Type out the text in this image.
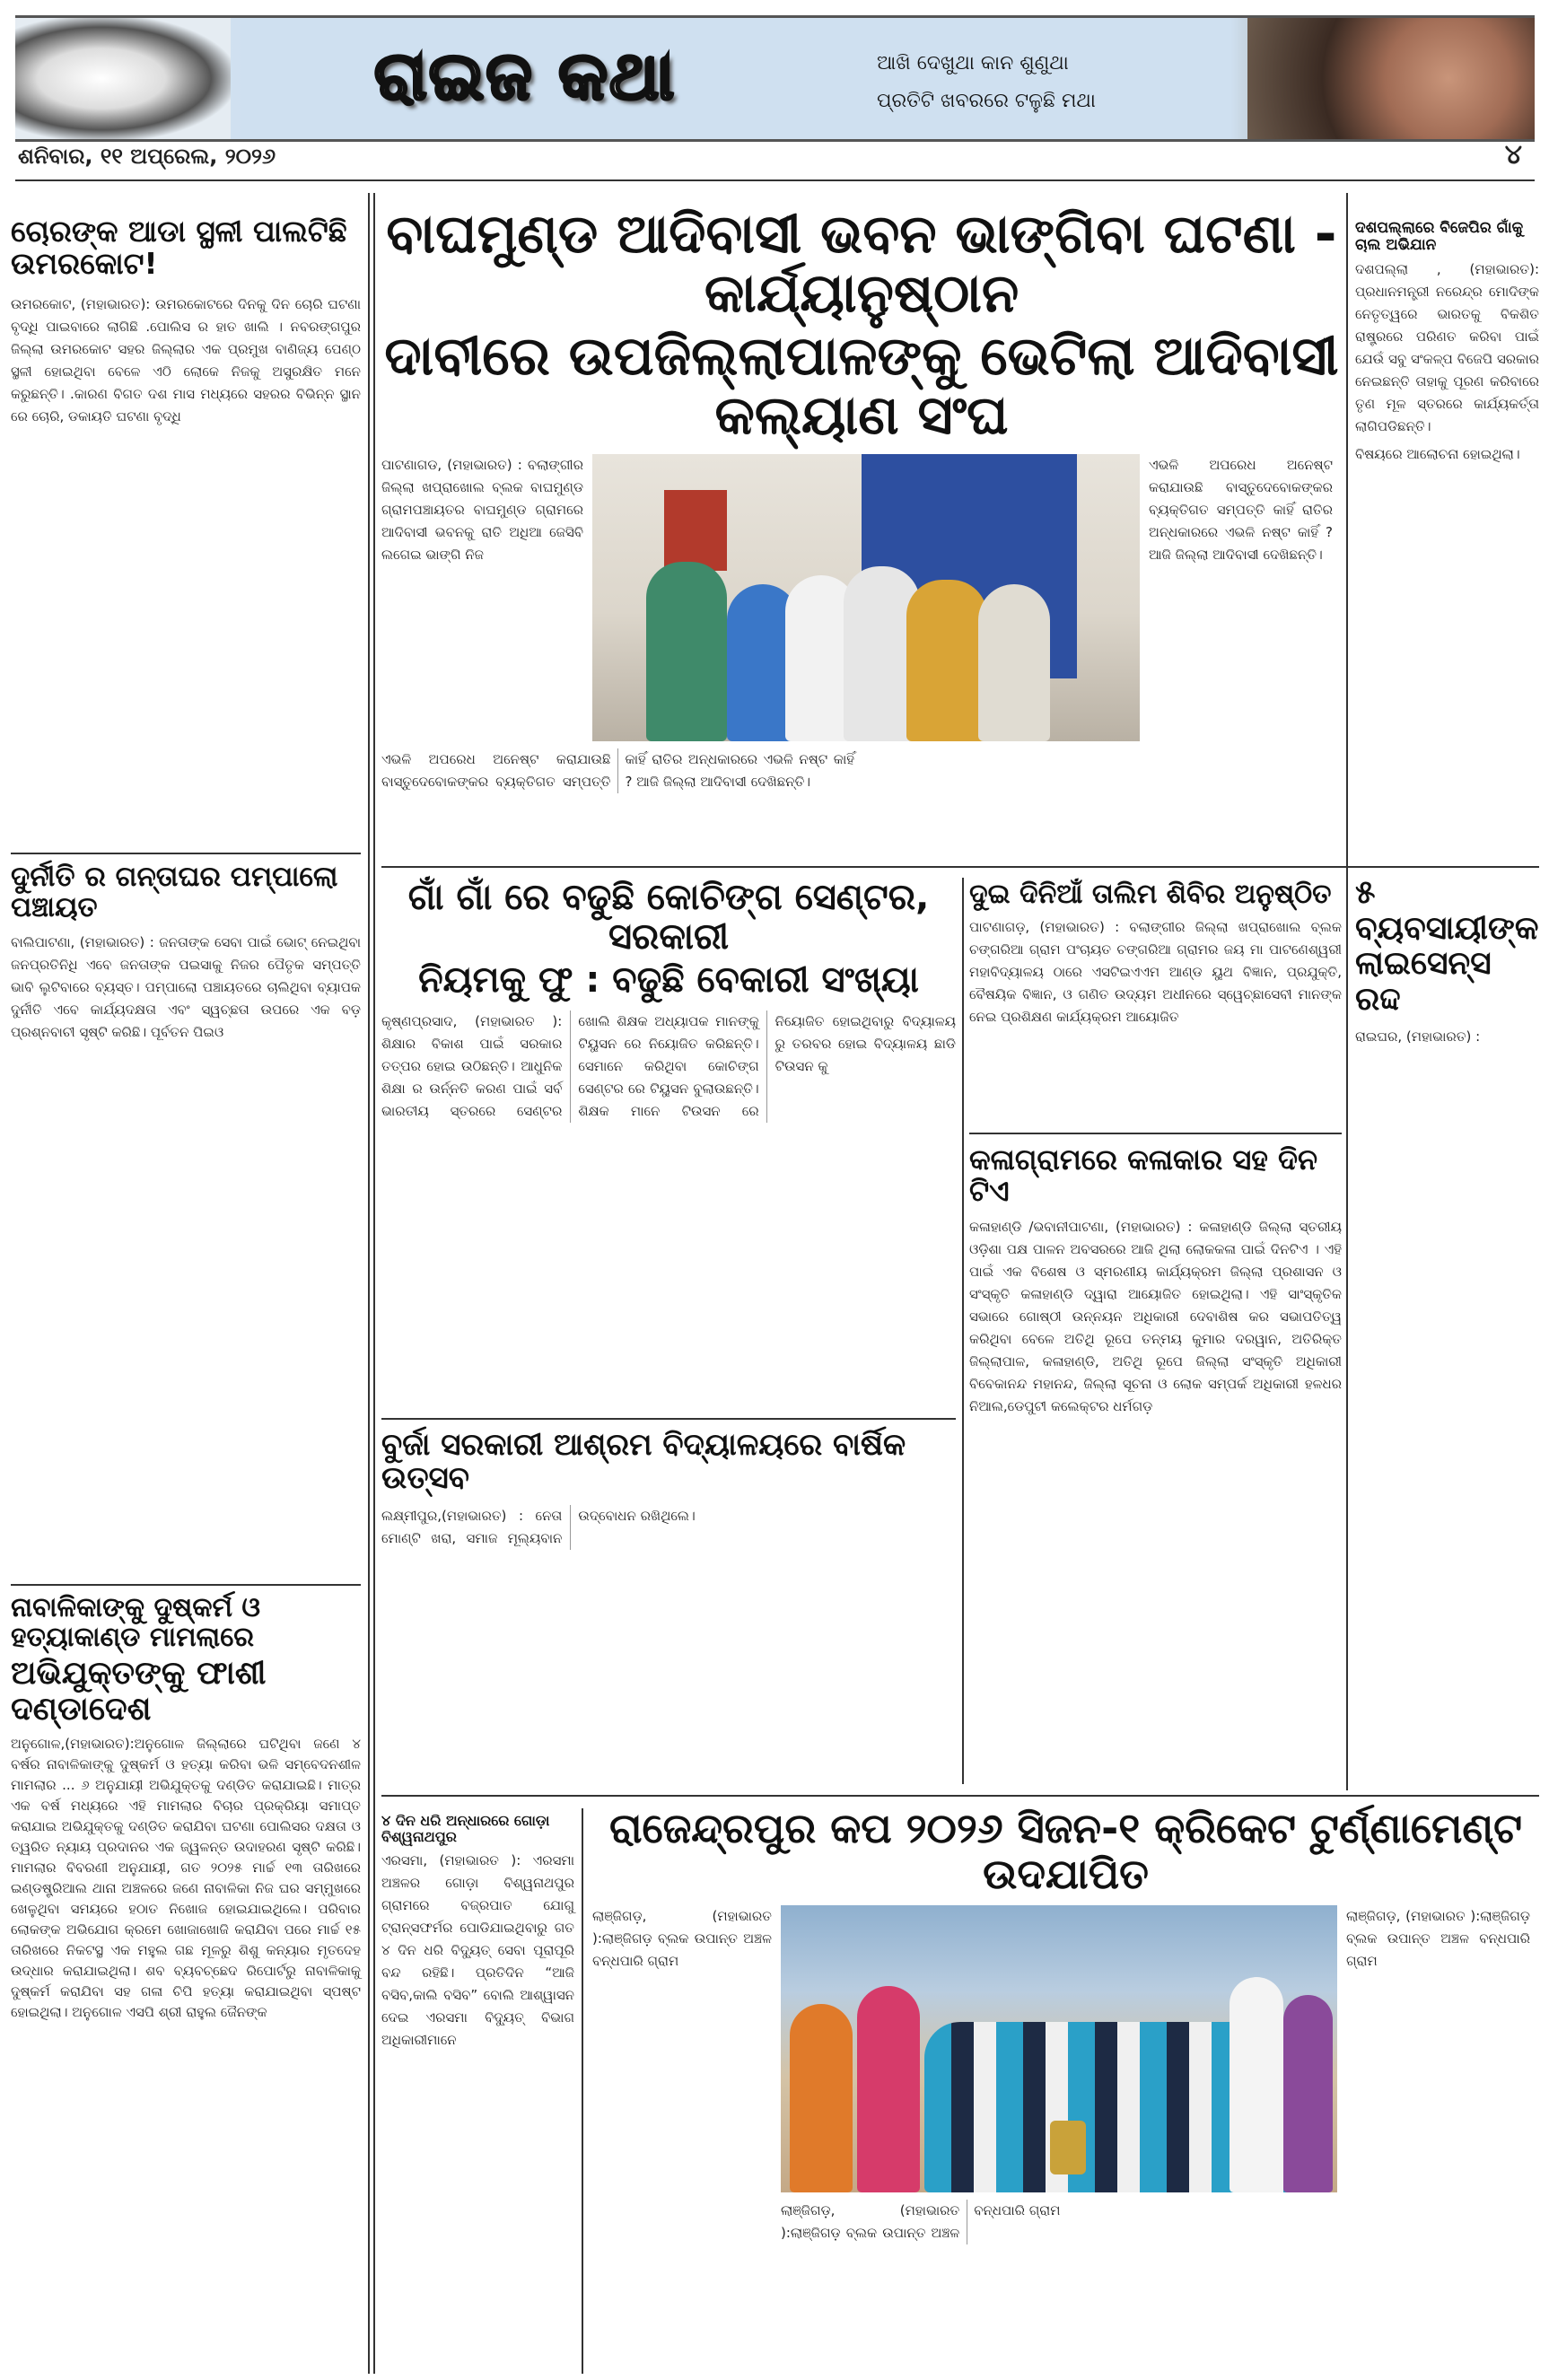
ରାଇଜ କଥା	ଆଖି ଦେଖୁଥା କାନ ଶୁଣୁଥା
ପ୍ରତିଟି ଖବରରେ ଟଳୁଛି ମଥା
ଶନିବାର, ୧୧ ଅପ୍ରେଲ, ୨୦୨୬	୪
ଚୋରଙ୍କ ଆଡା ସ୍ଥଳୀ ପାଲଟିଛି ଉମରକୋଟ!
ଉମରକୋଟ, (ମହାଭାରତ): ଉମରକୋଟରେ ଦିନକୁ ଦିନ ଚୋରି ଘଟଣା ବୃଦ୍ଧି ପାଇବାରେ ଲାଗିଛି .ପୋଲିସ ର ହାତ ଖାଲି । ନବରଙ୍ଗପୁର ଜିଲ୍ଲା ଉମରକୋଟ ସହର ଜିଲ୍ଲାର ଏକ ପ୍ରମୁଖ ବାଣିଜ୍ୟ ପେଣ୍ଠ ସ୍ଥଳୀ ହୋଇଥିବା ବେଳେ ଏଠି ଲୋକେ ନିଜକୁ ଅସୁରକ୍ଷିତ ମନେ କରୁଛନ୍ତି। .କାରଣ ବିଗତ ଦଶ ମାସ ମଧ୍ୟରେ ସହରର ବିଭିନ୍ନ ସ୍ଥାନ ରେ ଚୋରି, ଡକାୟତି ଘଟଣା ବୃଦ୍ଧି
ଦୁର୍ନୀତି ର ଗନ୍ତାଘର ପମ୍ପାଲୋ ପଞ୍ଚାୟତ
ବାଲିପାଟଣା, (ମହାଭାରତ) : ଜନତାଙ୍କ ସେବା ପାଇଁ ଭୋଟ୍ ନେଇଥିବା ଜନପ୍ରତିନିଧି ଏବେ ଜନତାଙ୍କ ପଇସାକୁ ନିଜର ପୈତୃକ ସମ୍ପତ୍ତି ଭାବି ଲୁଟିବାରେ ବ୍ୟସ୍ତ। ପମ୍ପାଲୋ ପଞ୍ଚାୟତରେ ଚାଲିଥିବା ବ୍ୟାପକ ଦୁର୍ନୀତି ଏବେ କାର୍ଯ୍ୟଦକ୍ଷତା ଏବଂ ସ୍ୱଚ୍ଛତା ଉପରେ ଏକ ବଡ଼ ପ୍ରଶ୍ନବାଚୀ ସୃଷ୍ଟି କରିଛି। ପୂର୍ବତନ ପିଇଓ
ନାବାଳିକାଙ୍କୁ ଦୁଷ୍କର୍ମ ଓ ହତ୍ୟାକାଣ୍ଡ ମାମଲାରେ
ଅଭିଯୁକ୍ତଙ୍କୁ ଫାଶୀ ଦଣ୍ଡାଦେଶ
ଅନୁଗୋଳ,(ମହାଭାରତ):ଅନୁଗୋଳ ଜିଲ୍ଲାରେ ଘଟିଥିବା ଜଣେ ୪ ବର୍ଷର ନାବାଳିକାଙ୍କୁ ଦୁଷ୍କର୍ମ ଓ ହତ୍ୟା କରିବା ଭଳି ସମ୍ବେଦନଶୀଳ ମାମଲାର ... ୬ ଅନୁଯାୟୀ ଅଭିଯୁକ୍ତକୁ ଦଣ୍ଡିତ କରାଯାଇଛି। ମାତ୍ର ଏକ ବର୍ଷ ମଧ୍ୟରେ ଏହି ମାମଲାର ବିଚାର ପ୍ରକ୍ରିୟା ସମାପ୍ତ କରାଯାଇ ଅଭିଯୁକ୍ତକୁ ଦଣ୍ଡିତ କରାଯିବା ଘଟଣା ପୋଲିସର ଦକ୍ଷତା ଓ ତ୍ୱରିତ ନ୍ୟାୟ ପ୍ରଦାନର ଏକ ଜ୍ୱଳନ୍ତ ଉଦାହରଣ ସୃଷ୍ଟି କରିଛି।ମାମଲାର ବିବରଣୀ ଅନୁଯାୟୀ, ଗତ ୨୦୨୫ ମାର୍ଚ୍ଚ ୧୩ ତାରିଖରେ ଇଣ୍ଡଷ୍ଟ୍ରିଆଲ ଥାନା ଅଞ୍ଚଳରେ ଜଣେ ନାବାଳିକା ନିଜ ଘର ସମ୍ମୁଖରେ ଖେଳୁଥିବା ସମୟରେ ହଠାତ ନିଖୋଜ ହୋଇଯାଇଥିଲେ। ପରିବାର ଲୋକଙ୍କ ଅଭିଯୋଗ କ୍ରମେ ଖୋଜାଖୋଜି କରାଯିବା ପରେ ମାର୍ଚ୍ଚ ୧୫ ତାରିଖରେ ନିକଟସ୍ଥ ଏକ ମହୁଲ ଗଛ ମୂଳରୁ ଶିଶୁ କନ୍ୟାର ମୃତଦେହ ଉଦ୍ଧାର କରାଯାଇଥିଲା। ଶବ ବ୍ୟବଚ୍ଛେଦ ରିପୋର୍ଟରୁ ନାବାଳିକାକୁ ଦୁଷ୍କର୍ମ କରାଯିବା ସହ ଗଳା ଚିପି ହତ୍ୟା କରାଯାଇଥିବା ସ୍ପଷ୍ଟ ହୋଇଥିଲା। ଅନୁଗୋଳ ଏସପି ଶ୍ରୀ ରାହୁଲ ଜୈନଙ୍କ
ବାଘମୁଣ୍ଡ ଆଦିବାସୀ ଭବନ ଭାଙ୍ଗିବା ଘଟଣା - କାର୍ଯ୍ୟାନୁଷ୍ଠାନ
ଦାବୀରେ ଉପଜିଲ୍ଲାପାଳଙ୍କୁ ଭେଟିଲା ଆଦିବାସୀ କଲ୍ୟାଣ ସଂଘ
ପାଟଣାଗଡ, (ମହାଭାରତ) : ବଲାଙ୍ଗୀର ଜିଲ୍ଲା ଖପ୍ରାଖୋଲ ବ୍ଲକ ବାଘମୁଣ୍ଡ ଗ୍ରାମପଞ୍ଚାୟତର ବାଘମୁଣ୍ଡ ଗ୍ରାମରେ ଆଦିବାସୀ ଭବନକୁ ରାତି ଅଧିଆ ଜେସିବି ଲଗେଇ ଭାଙ୍ଗି ନିଜ
ଏଭଳି ଅପରେଧ ଅନେଷ୍ଟ କରାଯାଉଛି ବାସ୍ତୁଦେବୋକଙ୍କର ବ୍ୟକ୍ତିଗତ ସମ୍ପତ୍ତି କାହିଁ ରାତିର ଅନ୍ଧକାରରେ ଏଭଳି ନଷ୍ଟ କାହିଁ ? ଆଜି ଜିଲ୍ଲା ଆଦିବାସୀ ଦେଖିଛନ୍ତି।
ଏଭଳି ଅପରେଧ ଅନେଷ୍ଟ କରାଯାଉଛି ବାସ୍ତୁଦେବୋକଙ୍କର ବ୍ୟକ୍ତିଗତ ସମ୍ପତ୍ତି କାହିଁ ରାତିର ଅନ୍ଧକାରରେ ଏଭଳି ନଷ୍ଟ କାହିଁ ? ଆଜି ଜିଲ୍ଲା ଆଦିବାସୀ ଦେଖିଛନ୍ତି।
ଦଶପଲ୍ଲାରେ ବିଜେପିର ଗାଁକୁ ଚାଲ ଅଭିଯାନ
ଦଶପଲ୍ଲା , (ମହାଭାରତ): ପ୍ରଧାନମନ୍ତ୍ରୀ ନରେନ୍ଦ୍ର ମୋଦିଙ୍କ ନେତୃତ୍ୱରେ ଭାରତକୁ ବିକଶିତ ରାଷ୍ଟ୍ରରେ ପରିଣତ କରିବା ପାଇଁ ଯେଉଁ ସବୁ ସଂକଳ୍ପ ବିଜେପି ସରକାର ନେଇଛନ୍ତି ତାହାକୁ ପୂରଣ କରିବାରେ ତୃଣ ମୂଳ ସ୍ତରରେ କାର୍ଯ୍ୟକର୍ତ୍ତା ଲାଗିପଡିଛନ୍ତି।
ବିଷୟରେ ଆଲୋଚନା ହୋଇଥିଲା।
ଗାଁ ଗାଁ ରେ ବଢୁଛି କୋଚିଙ୍ଗ ସେଣ୍ଟର, ସରକାରୀ
ନିୟମକୁ ଫୁ : ବଢୁଛି ବେକାରୀ ସଂଖ୍ୟା
କୃଷ୍ଣପ୍ରସାଦ, (ମହାଭାରତ ): ଶିକ୍ଷାର ବିକାଶ ପାଇଁ ସରକାର ତତ୍ପର ହୋଇ ଉଠିଛନ୍ତି। ଆଧୁନିକ ଶିକ୍ଷା ର ଉର୍ନ୍ନତି କରଣ ପାଇଁ ସର୍ବ ଭାରତୀୟ ସ୍ତରରେ ସେଣ୍ଟର ଖୋଲି ଶିକ୍ଷକ ଅଧ୍ୟାପକ ମାନଙ୍କୁ ଟିୟୁସନ ରେ ନିୟୋଜିତ କରିଛନ୍ତି। ସେମାନେ କରିଥିବା କୋଚିଙ୍ଗ ସେଣ୍ଟର ରେ ଟିୟୁସନ ବୁଲାଉଛନ୍ତି। ଶିକ୍ଷକ ମାନେ ଟିଉସନ ରେ ନିୟୋଜିତ ହୋଇଥିବାରୁ ବିଦ୍ୟାଳୟ ରୁ ତରବର ହୋଇ ବିଦ୍ୟାଳୟ ଛାଡି ଟିଉସନ କୁ
ଦୁଇ ଦିନିଆଁ ତାଲିମ ଶିବିର ଅନୁଷ୍ଠିତ
ପାଟଣାଗଡ଼, (ମହାଭାରତ) : ବଲାଙ୍ଗୀର ଜିଲ୍ଲା ଖପ୍ରାଖୋଲ ବ୍ଲକ ଚଙ୍ଗରିଆ ଗ୍ରାମ ପଂଚାୟତ ଚଙ୍ଗରିଆ ଗ୍ରାମର ଜୟ ମା ପାଟଣେଶ୍ୱରୀ ମହାବିଦ୍ୟାଳୟ ଠାରେ ଏସଟିଇଏଏମ ଆଣ୍ଡ ୟୁଥ ବିଜ୍ଞାନ, ପ୍ରଯୁକ୍ତି, ବୈଷୟିକ ବିଜ୍ଞାନ, ଓ ଗଣିତ ଉଦ୍ୟମ ଅଧୀନରେ ସ୍ୱେଚ୍ଛାସେବୀ ମାନଙ୍କ ନେଇ ପ୍ରଶିକ୍ଷଣ କାର୍ଯ୍ୟକ୍ରମ ଆୟୋଜିତ
୫ ବ୍ୟବସାୟୀଙ୍କ ଲାଇସେନ୍ସ ରଦ୍ଦ
ରାଇଘର, (ମହାଭାରତ) :
କଳାଗ୍ରାମରେ କଳାକାର ସହ ଦିନ ଟିଏ
କଳାହାଣ୍ଡି /ଭବାନୀପାଟଣା, (ମହାଭାରତ) : କଳାହାଣ୍ଡି ଜିଲ୍ଲା ସ୍ତରୀୟ ଓଡ଼ିଶା ପକ୍ଷ ପାଳନ ଅବସରରେ ଆଜି ଥିଲା ଲୋକକଳା ପାଇଁ ଦିନଟିଏ । ଏହି ପାଇଁ ଏକ ବିଶେଷ ଓ ସ୍ମରଣୀୟ କାର୍ଯ୍ୟକ୍ରମ ଜିଲ୍ଲା ପ୍ରଶାସନ ଓ ସଂସ୍କୃତି କଳାହାଣ୍ଡି ଦ୍ୱାରା ଆୟୋଜିତ ହୋଇଥିଲା। ଏହି ସାଂସ୍କୃତିକ ସଭାରେ ଗୋଷ୍ଠୀ ଉନ୍ନୟନ ଅଧିକାରୀ ଦେବାଶିଷ କର ସଭାପତିତ୍ୱ କରିଥିବା ବେଳେ ଅତିଥି ରୂପେ ତନ୍ମୟ କୁମାର ଦରୱାନ, ଅତିରିକ୍ତ ଜିଲ୍ଲାପାଳ, କଳାହାଣ୍ଡି, ଅତିଥି ରୂପେ ଜିଲ୍ଲା ସଂସ୍କୃତି ଅଧିକାରୀ ବିବେକାନନ୍ଦ ମହାନନ୍ଦ, ଜିଲ୍ଲା ସୂଚନା ଓ ଲୋକ ସମ୍ପର୍କ ଅଧିକାରୀ ହଳଧର ନିଆଲ,ଡେପୁଟୀ କଲେକ୍ଟର ଧର୍ମଗଡ଼
ବୁର୍ଜା ସରକାରୀ ଆଶ୍ରମ ବିଦ୍ୟାଳୟରେ ବାର୍ଷିକ ଉତ୍ସବ
ଲକ୍ଷ୍ମୀପୁର,(ମହାଭାରତ) : ନେତା ମୋଣ୍ଟି ଖରା, ସମାଜ ମୂଲ୍ୟବାନ ଉଦ୍ବୋଧନ ରଖିଥିଲେ।
୪ ଦିନ ଧରି ଅନ୍ଧାରରେ ଗୋଡ଼ା ବିଶ୍ୱନାଥପୁର
ଏରସମା, (ମହାଭାରତ ): ଏରସମା ଅଞ୍ଚଳର ଗୋଡ଼ା ବିଶ୍ୱନାଥପୁର ଗ୍ରାମରେ ବଜ୍ରପାତ ଯୋଗୁ ଟ୍ରାନ୍ସଫର୍ମର ପୋଡିଯାଇଥିବାରୁ ଗତ ୪ ଦିନ ଧରି ବିଦ୍ୟୁତ୍ ସେବା ପୂରାପୂରି ବନ୍ଦ ରହିଛି। ପ୍ରତିଦିନ “ଆଜି ବସିବ,କାଲି ବସିବ” ବୋଲି ଆଶ୍ୱାସନ ଦେଇ ଏରସମା ବିଦ୍ୟୁତ୍ ବିଭାଗ ଅଧିକାରୀମାନେ
ରାଜେନ୍ଦ୍ରପୁର କପ ୨୦୨୬ ସିଜନ-୧ କ୍ରିକେଟ ଟୁର୍ଣ୍ଣାମେଣ୍ଟ ଉଦଯାପିତ
ଲାଞ୍ଜିଗଡ଼, (ମହାଭାରତ ):ଲାଞ୍ଜିଗଡ଼ ବ୍ଲକ ଉପାନ୍ତ ଅଞ୍ଚଳ ବନ୍ଧପାରି ଗ୍ରାମ
ଲାଞ୍ଜିଗଡ଼, (ମହାଭାରତ ):ଲାଞ୍ଜିଗଡ଼ ବ୍ଲକ ଉପାନ୍ତ ଅଞ୍ଚଳ ବନ୍ଧପାରି ଗ୍ରାମ
ଲାଞ୍ଜିଗଡ଼, (ମହାଭାରତ ):ଲାଞ୍ଜିଗଡ଼ ବ୍ଲକ ଉପାନ୍ତ ଅଞ୍ଚଳ ବନ୍ଧପାରି ଗ୍ରାମ
